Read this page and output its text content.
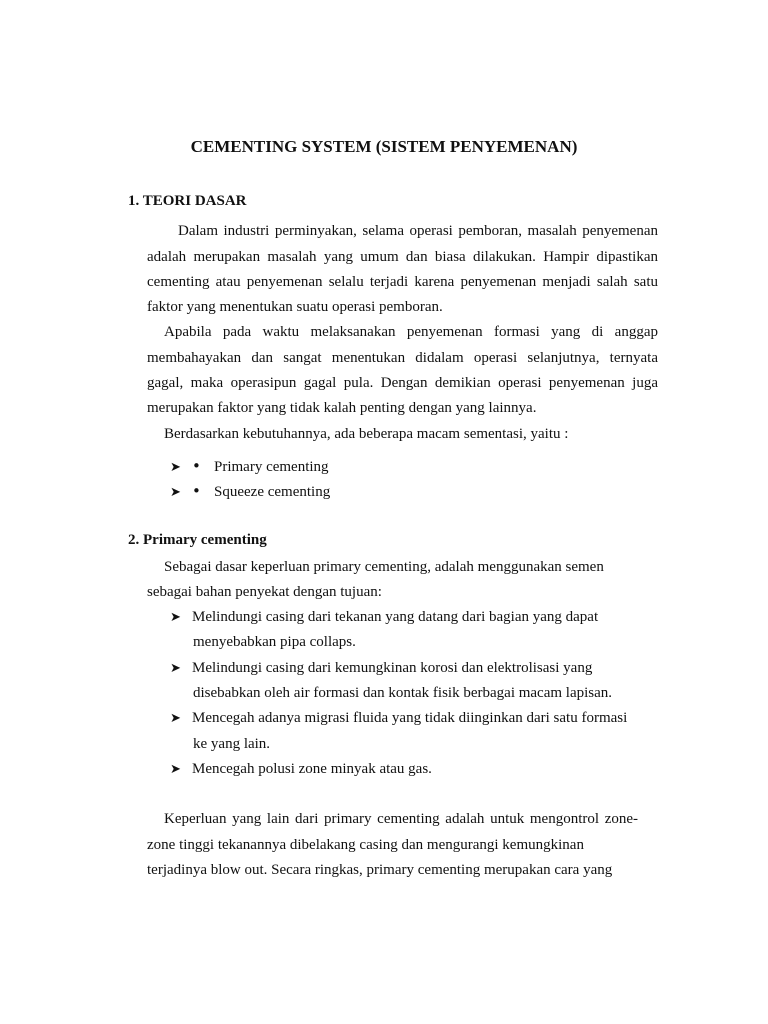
CEMENTING SYSTEM (SISTEM PENYEMENAN)
1. TEORI DASAR
Dalam industri perminyakan, selama operasi pemboran, masalah penyemenan
adalah merupakan masalah yang umum dan biasa dilakukan. Hampir dipastikan
cementing atau penyemenan selalu terjadi karena penyemenan menjadi salah satu
faktor yang menentukan suatu operasi pemboran.
Apabila pada waktu melaksanakan penyemenan formasi yang di anggap
membahayakan dan sangat menentukan didalam operasi selanjutnya, ternyata
gagal, maka operasipun gagal pula. Dengan demikian operasi penyemenan juga
merupakan faktor yang tidak kalah penting dengan yang lainnya.
Berdasarkan kebutuhannya, ada beberapa macam sementasi, yaitu :
➤ • Primary cementing
➤ • Squeeze cementing
2. Primary cementing
Sebagai dasar keperluan primary cementing, adalah menggunakan semen
sebagai bahan penyekat dengan tujuan:
➤ Melindungi casing dari tekanan yang datang dari bagian yang dapat
menyebabkan pipa collaps.
➤ Melindungi casing dari kemungkinan korosi dan elektrolisasi yang
disebabkan oleh air formasi dan kontak fisik berbagai macam lapisan.
➤ Mencegah adanya migrasi fluida yang tidak diinginkan dari satu formasi
ke yang lain.
➤ Mencegah polusi zone minyak atau gas.
Keperluan yang lain dari primary cementing adalah untuk mengontrol zone-
zone tinggi tekanannya dibelakang casing dan mengurangi kemungkinan
terjadinya blow out. Secara ringkas, primary cementing merupakan cara yang
